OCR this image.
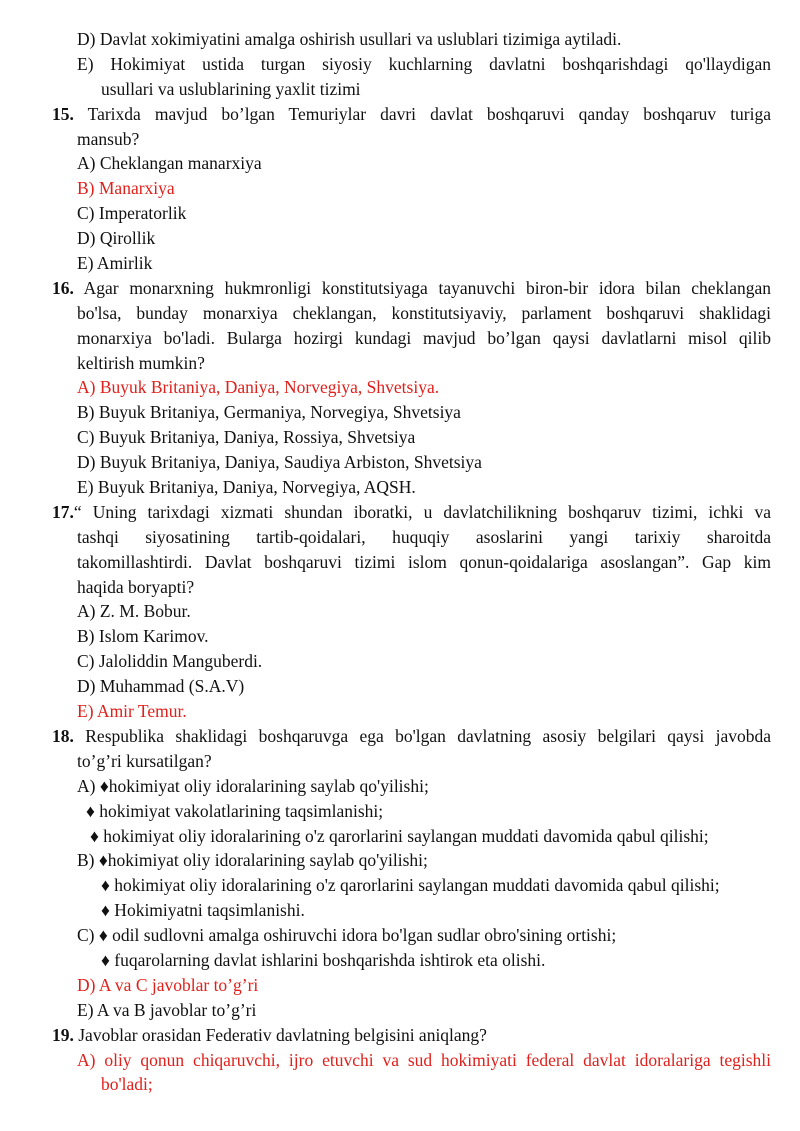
D) Davlat xokimiyatini amalga oshirish usullari va uslublari tizimiga aytiladi.
E) Hokimiyat ustida turgan siyosiy kuchlarning davlatni boshqarishdagi qo'llaydigan
usullari va uslublarining yaxlit tizimi
15. Tarixda mavjud bo’lgan Temuriylar davri davlat boshqaruvi qanday boshqaruv turiga
mansub?
A) Cheklangan manarxiya
B) Manarxiya
C) Imperatorlik
D) Qirollik
E) Amirlik
16. Agar monarxning hukmronligi konstitutsiyaga tayanuvchi biron-bir idora bilan cheklangan
bo'lsa, bunday monarxiya cheklangan, konstitutsiyaviy, parlament boshqaruvi shaklidagi
monarxiya bo'ladi. Bularga hozirgi kundagi mavjud bo’lgan qaysi davlatlarni misol qilib
keltirish mumkin?
A) Buyuk Britaniya, Daniya, Norvegiya, Shvetsiya.
B) Buyuk Britaniya, Germaniya, Norvegiya, Shvetsiya
C) Buyuk Britaniya, Daniya, Rossiya, Shvetsiya
D) Buyuk Britaniya, Daniya, Saudiya Arbiston, Shvetsiya
E) Buyuk Britaniya, Daniya, Norvegiya, AQSH.
17.“ Uning tarixdagi xizmati shundan iboratki, u davlatchilikning boshqaruv tizimi, ichki va
tashqi siyosatining tartib-qoidalari, huquqiy asoslarini yangi tarixiy sharoitda
takomillashtirdi. Davlat boshqaruvi tizimi islom qonun-qoidalariga asoslangan”. Gap kim
haqida boryapti?
A) Z. M. Bobur.
B) Islom Karimov.
C) Jaloliddin Manguberdi.
D) Muhammad (S.A.V)
E) Amir Temur.
18. Respublika shaklidagi boshqaruvga ega bo'lgan davlatning asosiy belgilari qaysi javobda
to’g’ri kursatilgan?
A) ♦hokimiyat oliy idoralarining saylab qo'yilishi;
♦ hokimiyat vakolatlarining taqsimlanishi;
♦ hokimiyat oliy idoralarining o'z qarorlarini saylangan muddati davomida qabul qilishi;
B) ♦hokimiyat oliy idoralarining saylab qo'yilishi;
♦ hokimiyat oliy idoralarining o'z qarorlarini saylangan muddati davomida qabul qilishi;
♦ Hokimiyatni taqsimlanishi.
C) ♦ odil sudlovni amalga oshiruvchi idora bo'lgan sudlar obro'sining ortishi;
♦ fuqarolarning davlat ishlarini boshqarishda ishtirok eta olishi.
D) A va C javoblar to’g’ri
E) A va B javoblar to’g’ri
19. Javoblar orasidan Federativ davlatning belgisini aniqlang?
A) oliy qonun chiqaruvchi, ijro etuvchi va sud hokimiyati federal davlat idoralariga tegishli
bo'ladi;
